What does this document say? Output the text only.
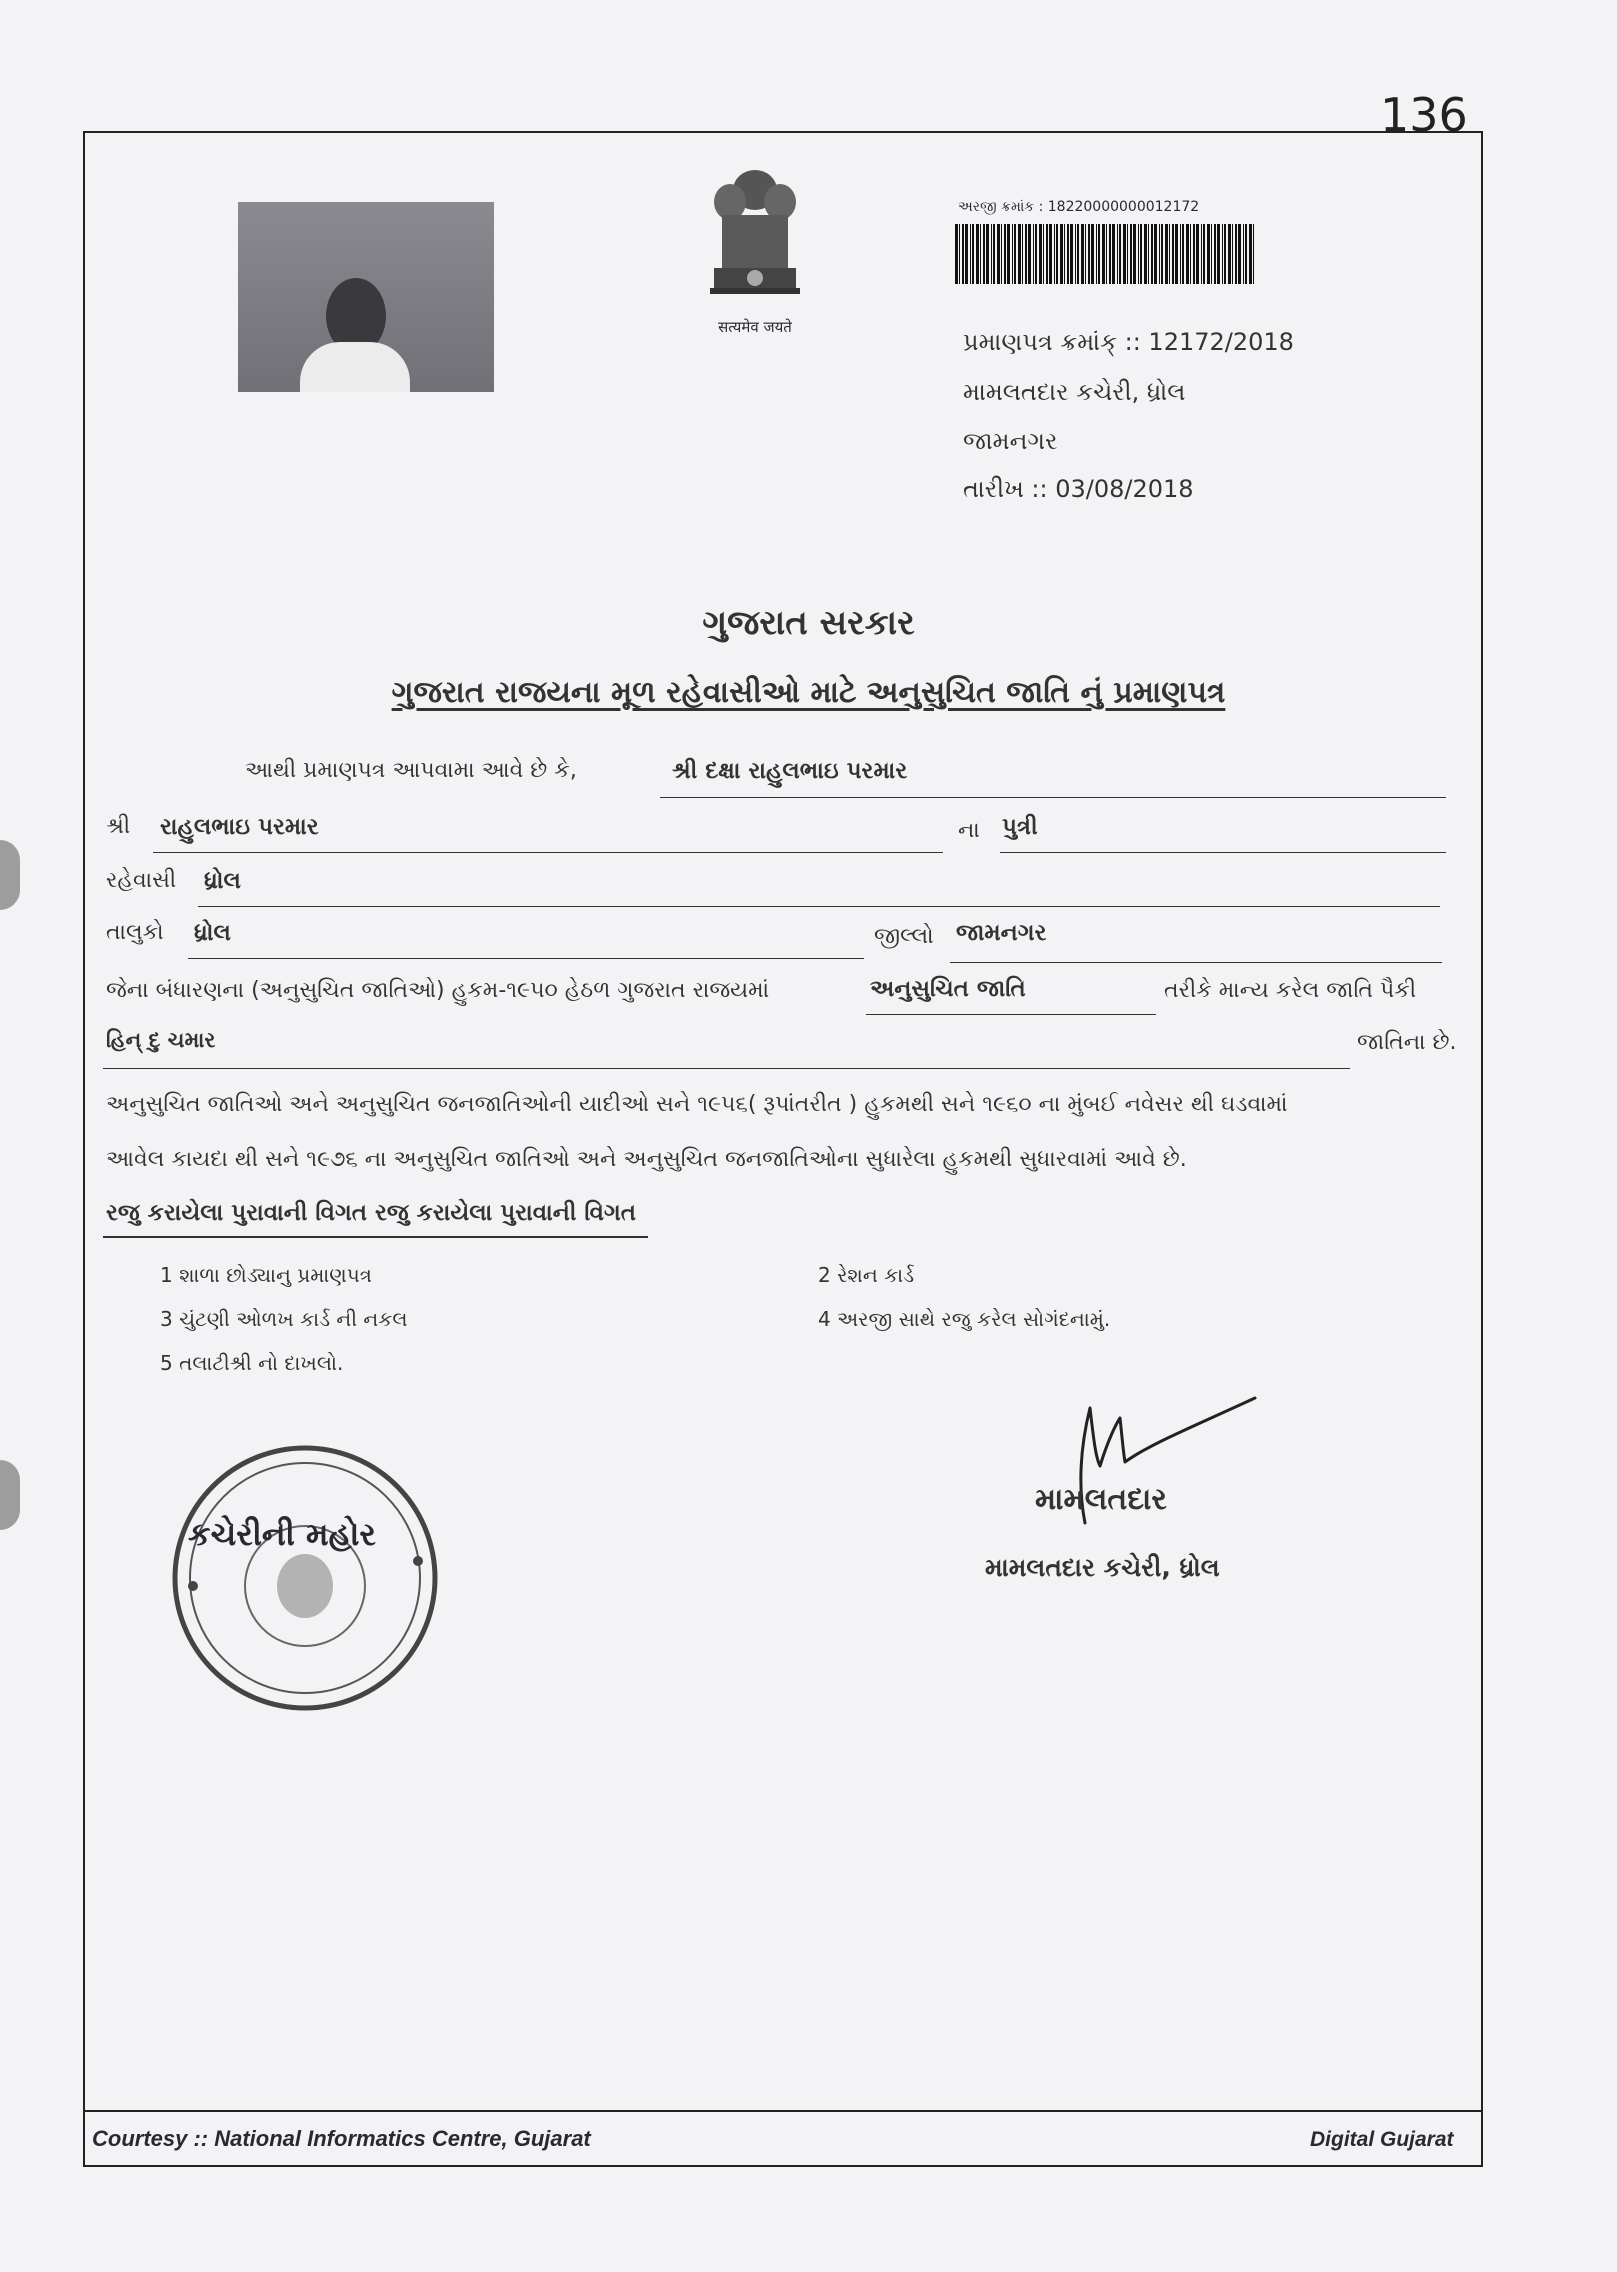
136
सत्यमेव जयते
અરજી ક્રમાંક : 18220000000012172
પ્રમાણપત્ર ક્રમાંક્ :: 12172/2018
મામલતદાર કચેરી, ધ્રોલ
જામનગર
તારીખ :: 03/08/2018
ગુજરાત સરકાર
ગુજરાત રાજયના મૂળ રહેવાસીઓ માટે અનુસુચિત જાતિ નું પ્રમાણપત્ર
આથી પ્રમાણપત્ર આપવામા આવે છે કે,	શ્રી દક્ષા રાહુલભાઇ પરમાર
શ્રી રાહુલભાઇ પરમાર	ના પુત્રી
રહેવાસી ધ્રોલ
તાલુકો ધ્રોલ	જીલ્લો જામનગર
જેના બંધારણના (અનુસુચિત જાતિઓ) હુકમ-૧૯૫૦ હેઠળ ગુજરાત રાજયમાં	અનુસુચિત જાતિ	તરીકે માન્ય કરેલ જાતિ પૈકી
હિન્ દુ ચમાર	જાતિના છે.
અનુસુચિત જાતિઓ અને અનુસુચિત જનજાતિઓની યાદીઓ સને ૧૯૫૬( રૂપાંતરીત ) હુકમથી સને ૧૯૬૦ ના મુંબઈ નવેસર થી ઘડવામાં
આવેલ કાયદા થી સને ૧૯૭૬ ના અનુસુચિત જાતિઓ અને અનુસુચિત જનજાતિઓના સુધારેલા હુકમથી સુધારવામાં આવે છે.
રજુ કરાયેલા પુરાવાની વિગત રજુ કરાયેલા પુરાવાની વિગત
1 શાળા છોડ્યાનુ પ્રમાણપત્ર	2 રેશન કાર્ડ
3 ચુંટણી ઓળખ કાર્ડ ની નકલ	4 અરજી સાથે રજુ કરેલ સોગંદનામું.
5 તલાટીશ્રી નો દાખલો.
મામલતદાર
મામલતદાર કચેરી, ધ્રોલ
કચેરીની મહોર
Courtesy :: National Informatics Centre, Gujarat	Digital Gujarat
